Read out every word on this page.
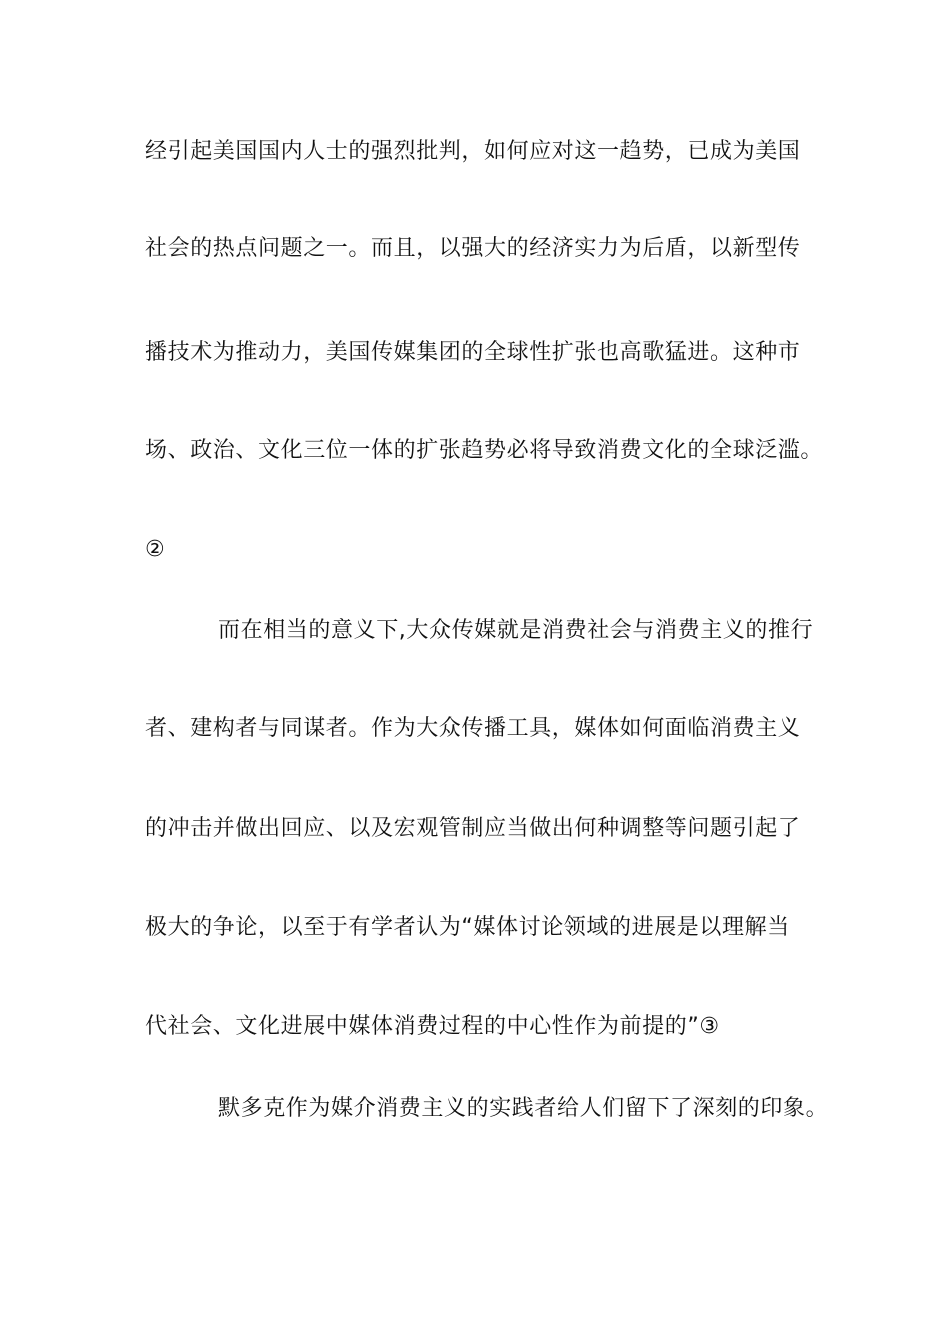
经引起美国国内人士的强烈批判，如何应对这一趋势，已成为美国
社会的热点问题之一。而且，以强大的经济实力为后盾，以新型传
播技术为推动力，美国传媒集团的全球性扩张也高歌猛进。这种市
场、政治、文化三位一体的扩张趋势必将导致消费文化的全球泛滥。
②
而在相当的意义下,大众传媒就是消费社会与消费主义的推行
者、建构者与同谋者。作为大众传播工具，媒体如何面临消费主义
的冲击并做出回应、以及宏观管制应当做出何种调整等问题引起了
极大的争论，以至于有学者认为“媒体讨论领域的进展是以理解当
代社会、文化进展中媒体消费过程的中心性作为前提的”③
默多克作为媒介消费主义的实践者给人们留下了深刻的印象。
